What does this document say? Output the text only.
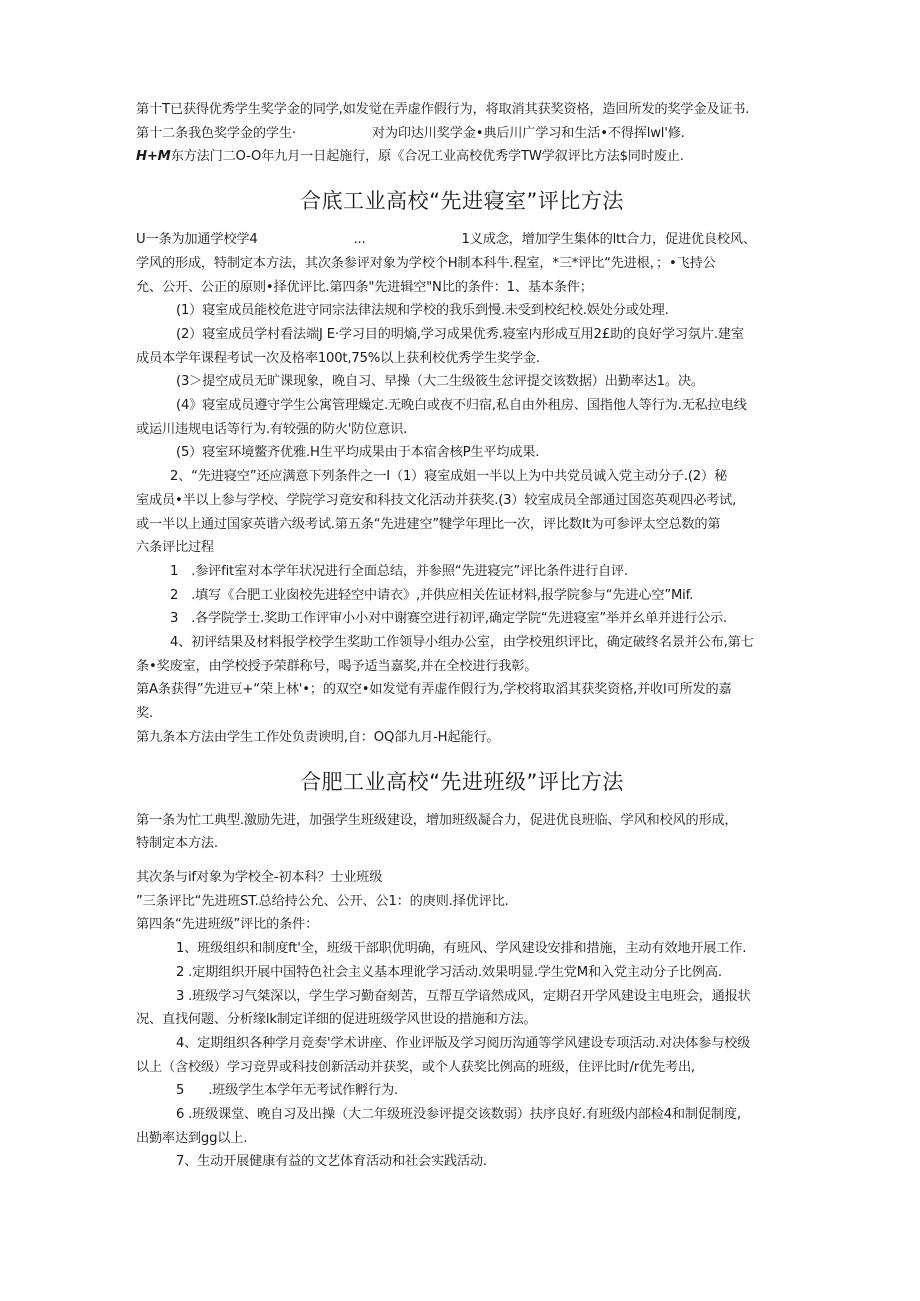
第十T已获得优秀学生奖学金的同学,如发觉在弄虚作假行为，将取消其获奖资格，造回所发的奖学金及证书.

第十二条我色奖学金的学生·	对为印达川奖学金•典后川广学习和生活•不得挥lwl'修.

H+M东方法门二O-O年九月一日起施行，原《合况工业高校优秀学TW学叙评比方法$同时废止.

合底工业高校“先进寝室”评比方法

U一条为加通学校学4	...	1义成念，增加学生集体的ltt合力，促进优良校风、

学风的形成，特制定本方法，其次条参评对象为学校个H制本科牛.程室，*三*评比“先进根，；•飞持公

允、公开、公正的原则•择优评比.第四条"先进辑空"N比的条件：1、基本条件；

(1）寝室成员能校危进守同宗法律法规和学校的我乐到慢.未受到校纪校.娱处分或处理.

(2）寝室成员学村看法端J E·学习目的明熵,学习成果优秀.寝室内形成互用2£助的良好学习氛片.建室

成员本学年课程考试一次及格率100t,75%以上获利校优秀学生奖学金.

(3＞提空成员无旷课现象，晚自习、早操（大二生级筱生忿评提交该数据）出勤率达1。决。

(4》寝室成员遵守学生公寓管理燥定.无晚白或夜不归宿,私自由外租房、国指他人等行为.无私拉电线

或运川违规电话等行为.有较强的防火'防位意识.

(5）寝室环境鳖齐优雅.H生平均成果由于本宿舍核P生平均成果.

2、“先进寝空”还应满意下列条件之一I（1）寝室成姐一半以上为中共党员诚入党主动分子.(2）秘

室成员•半以上参与学校、学院学习竟安和科技文化活动并获奖.(3）较室成员全部通过国恣英观四必考试,

或一半以上通过国家英谐六级考试.第五条“先进建空”犍学年理比一次，评比数It为可参评太空总数的第

六条评比过程

1　.参评fit室对本学年状况进行全面总结，并参照“先进寝完”评比条件进行自评.

2　.填写《合肥工业囱校先进轻空中请衣》,并供应相关佐证材料,报学院参与“先进心空”Mif.

3　.各学院学士.奖助工作评审小小对中谢赛空进行初评,确定学院“先进寝室”举并幺单并进行公示.

4、初评结果及材料报学校学生奖助工作领导小组办公室，由学校殂织评比，确定破终名景并公布,第七

条•奖废室，由学校授予荣群称号，喝予适当嘉奖,并在全校进行我彰。

第A条获得”先进豆+“荣上林'•；的双空•如发觉有弄虚作假行为,学校将取滔其获奖资格,并收l可所发的嘉

奖.

第九条本方法由学生工作处负责谀明,自：OQ郃九月-H起能行。

合肥工业高校“先进班级”评比方法

第一条为忙工典型.激励先进，加强学生班级建设，增加班级凝合力，促进优良班临、学风和校风的形成，

特制定本方法.

其次条与if对象为学校全-初本科？士业班级

”三条评比“先进班ST.总给持公允、公开、公1：的庚则.择优评比.

第四条“先进班级”评比的条件：

1、班级组织和制度ft'全，班级干部职优明确，有班风、学风建设安排和措施，主动有效地开展工作.

2 .定期组织开展中国特色社会主义基本理讹学习活动.效果明显.学生党M和入党主动分子比例高.

3 .班级学习气桀深以，学生学习勤奋刻苦，互帮互学谙然成风，定期召开学风建设主电班会，通报状

况、直找何题、分析缘lk制定详细的促进班级学风世设的措施和方法。

4、定期组织各种学月竞奏'学术讲座、作业评版及学习阅历沟通等学风建设专项活动.对决体参与校级

以上（含校级）学习竞畀或科技创新活动并获奖，或个人获奖比例高的班级，住评比时/r优先考出,

5 .班级学生本学年无考试作孵行为.

6 .班级课堂、晚自习及出操（大二年级班没参评提交该数弱）扶序良好.有班级内部检4和制促制度,

出勤率达到gg以上.

7、生动开展健康有益的文艺体育活动和社会实践活动.
